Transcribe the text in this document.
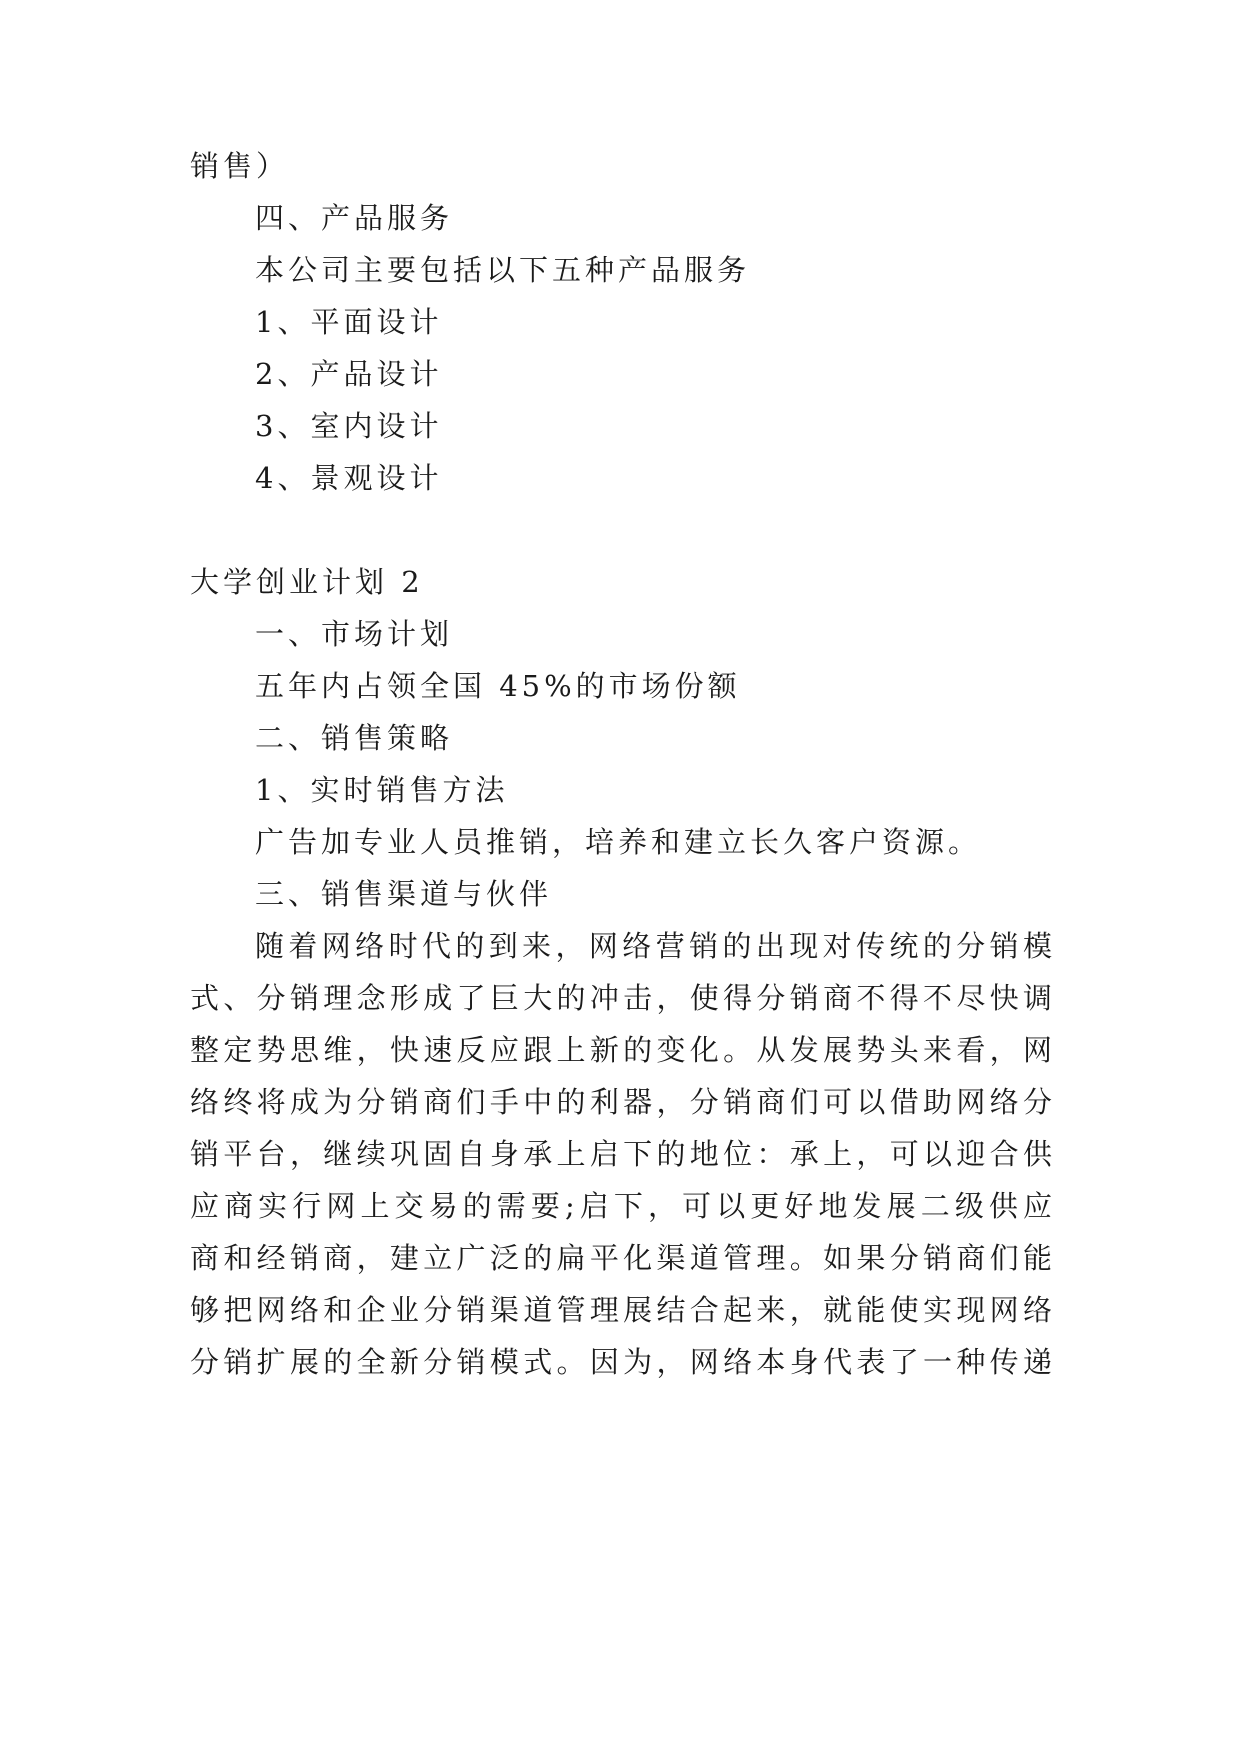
销售）
四、产品服务
本公司主要包括以下五种产品服务
1、平面设计
2、产品设计
3、室内设计
4、景观设计
大学创业计划 2
一、市场计划
五年内占领全国 45%的市场份额
二、销售策略
1、实时销售方法
广告加专业人员推销，培养和建立长久客户资源。
三、销售渠道与伙伴
随着网络时代的到来，网络营销的出现对传统的分销模
式、分销理念形成了巨大的冲击，使得分销商不得不尽快调
整定势思维，快速反应跟上新的变化。从发展势头来看，网
络终将成为分销商们手中的利器，分销商们可以借助网络分
销平台，继续巩固自身承上启下的地位：承上，可以迎合供
应商实行网上交易的需要;启下，可以更好地发展二级供应
商和经销商，建立广泛的扁平化渠道管理。如果分销商们能
够把网络和企业分销渠道管理展结合起来，就能使实现网络
分销扩展的全新分销模式。因为，网络本身代表了一种传递
